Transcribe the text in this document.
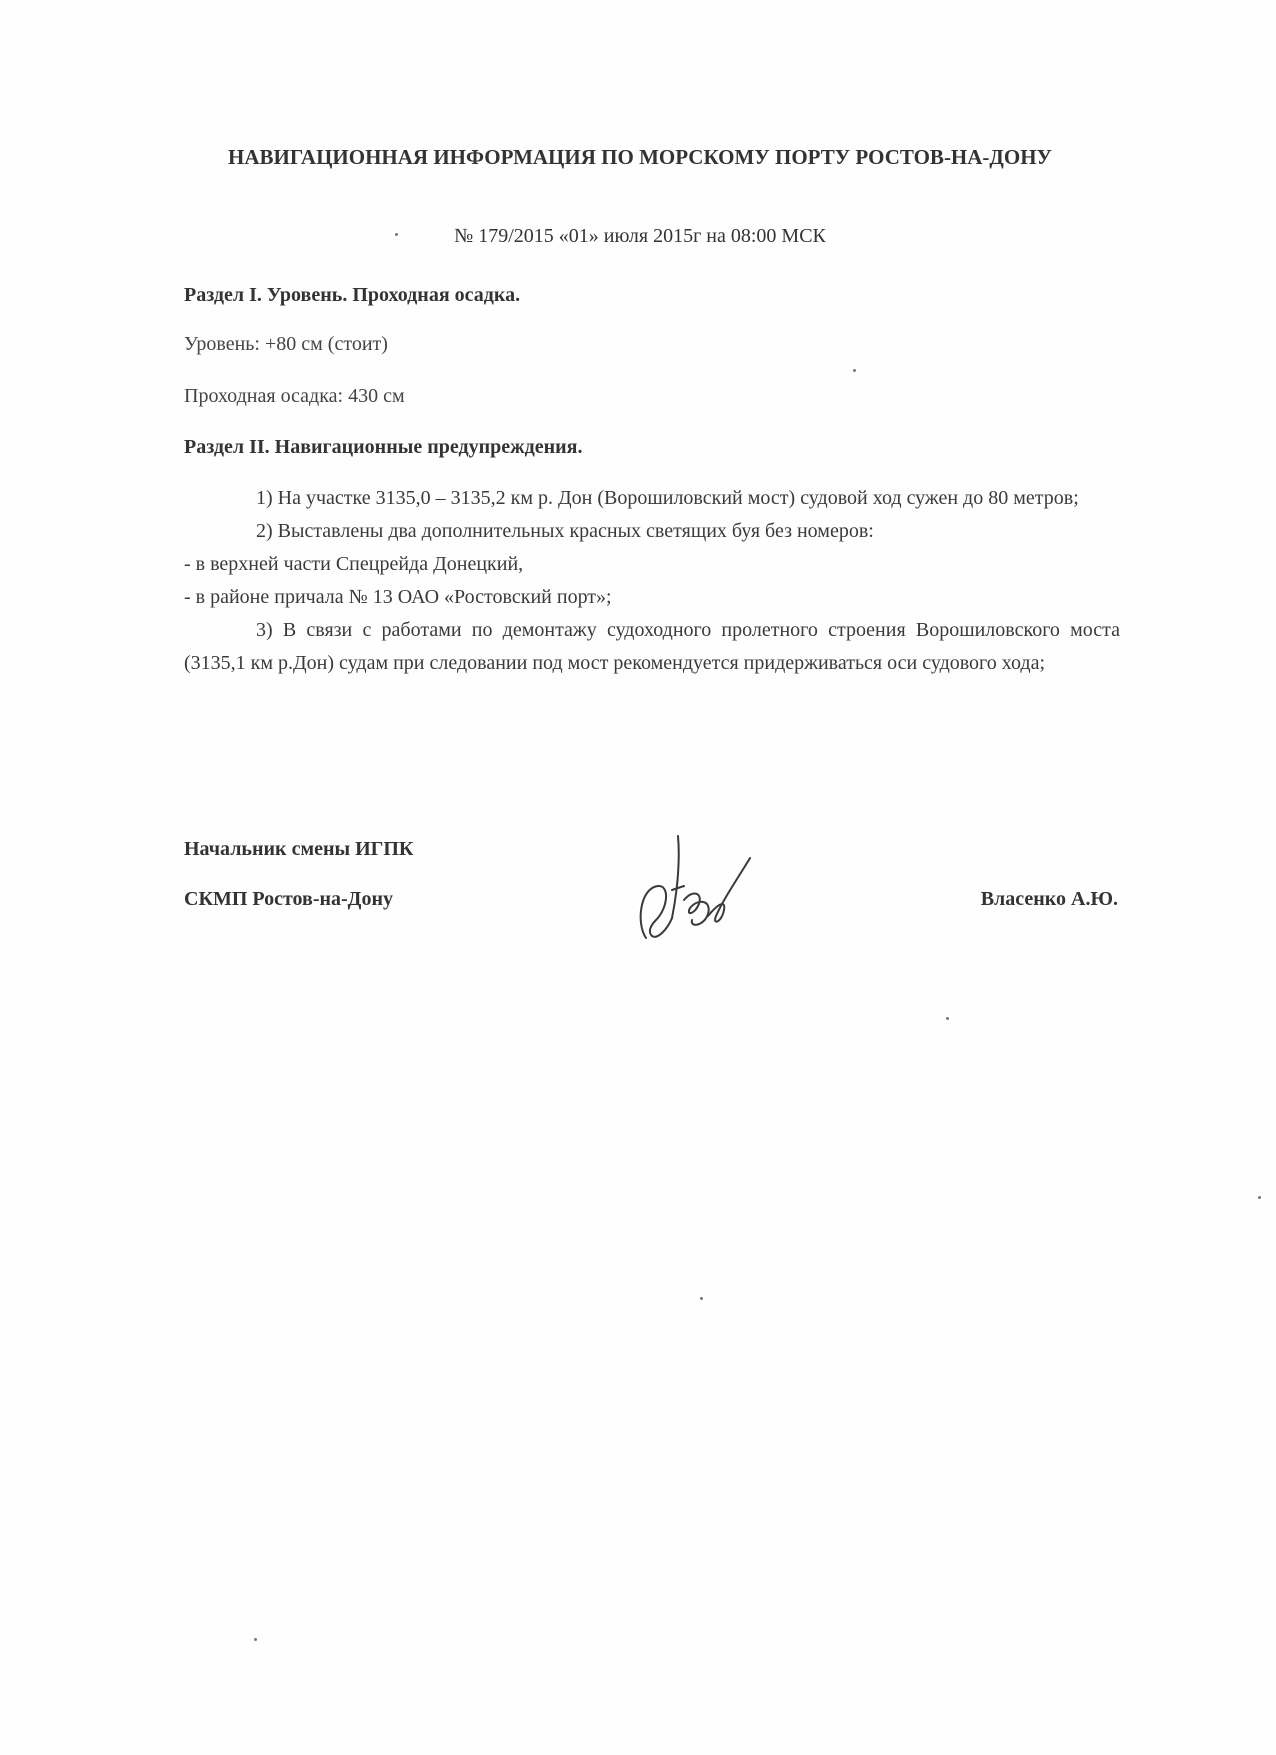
НАВИГАЦИОННАЯ ИНФОРМАЦИЯ ПО МОРСКОМУ ПОРТУ РОСТОВ-НА-ДОНУ
№ 179/2015 «01» июля 2015г на 08:00 МСК
Раздел I. Уровень. Проходная осадка.
Уровень: +80 см (стоит)
Проходная осадка: 430 см
Раздел II. Навигационные предупреждения.

1) На участке 3135,0 – 3135,2 км р. Дон (Ворошиловский мост) судовой ход сужен до 80 метров;

2) Выставлены два дополнительных красных светящих буя без номеров:

- в верхней части Спецрейда Донецкий,

- в районе причала № 13 ОАО «Ростовский порт»;

3) В связи с работами по демонтажу судоходного пролетного строения Ворошиловского моста (3135,1 км р.Дон) судам при следовании под мост рекомендуется придерживаться оси судового хода;

Начальник смены ИГПК
СКМП Ростов-на-Дону	Власенко А.Ю.
